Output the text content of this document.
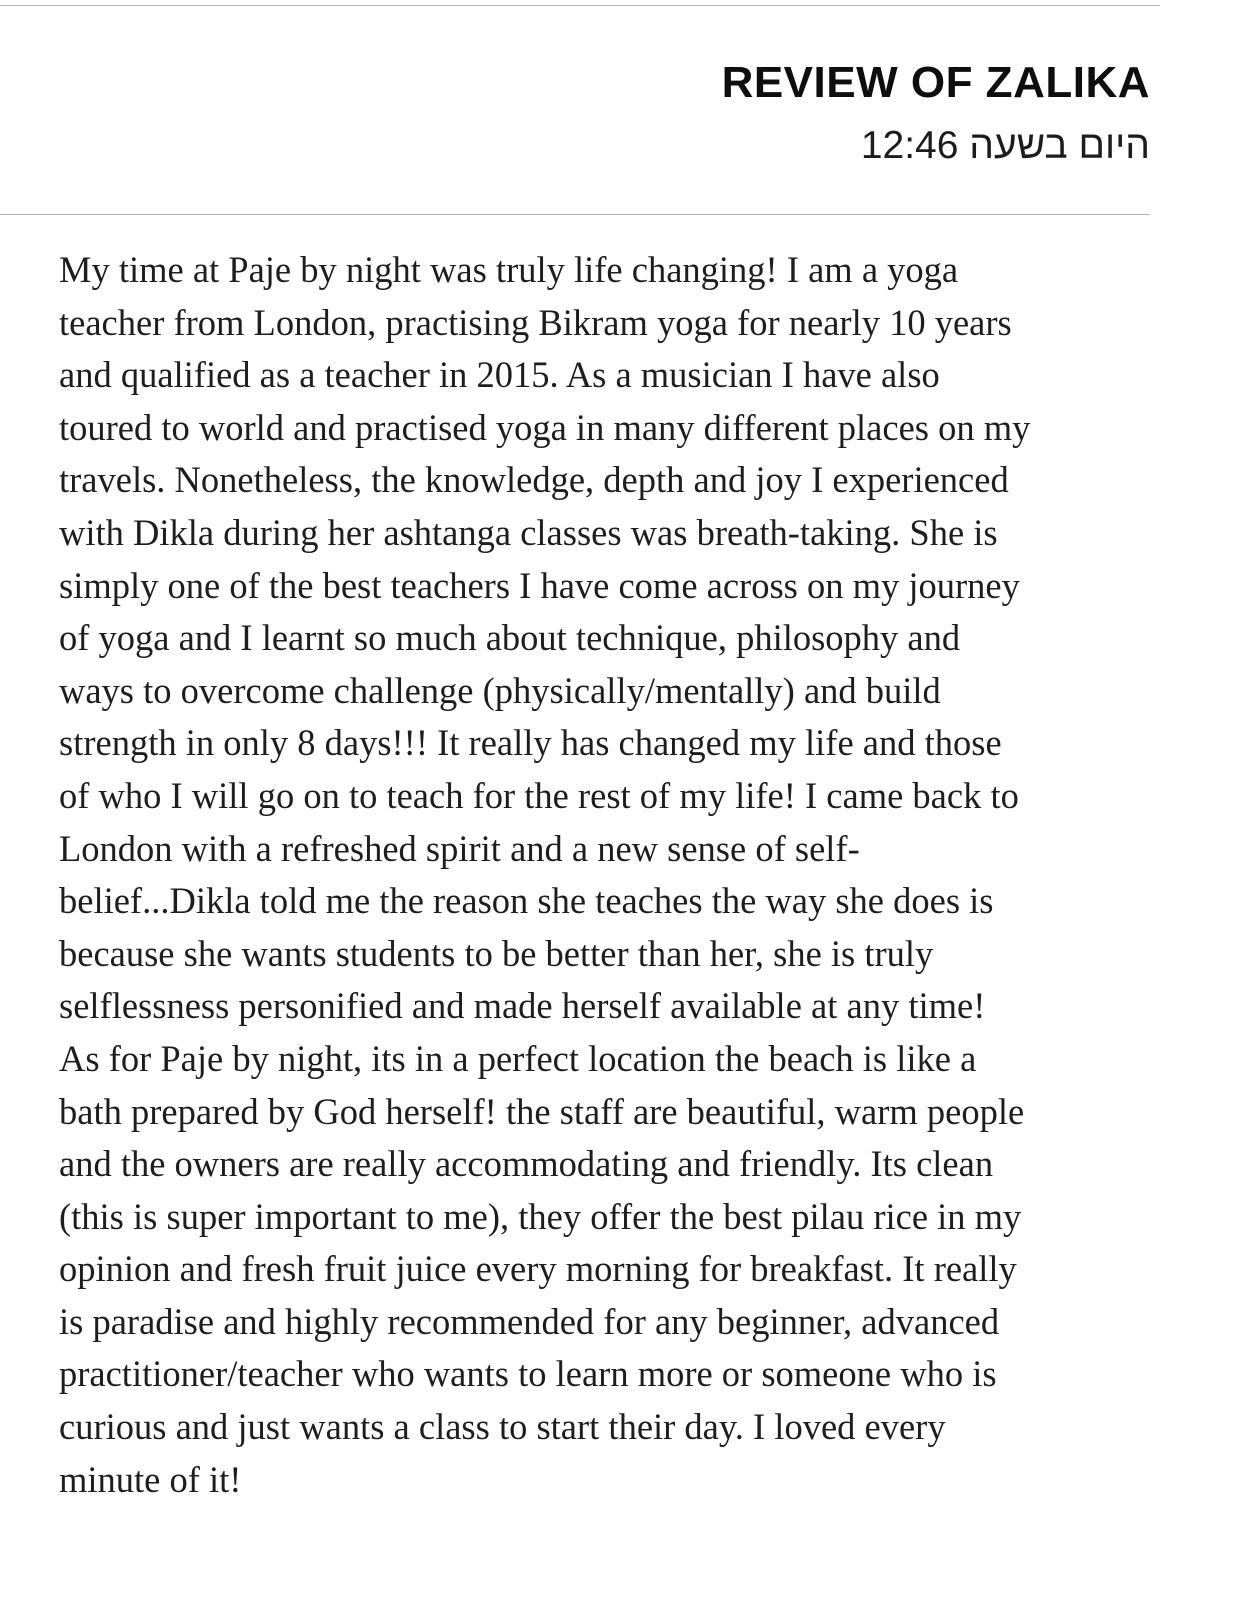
REVIEW OF ZALIKA
היום בשעה 12:46
My time at Paje by night was truly life changing! I am a yoga
teacher from London, practising Bikram yoga for nearly 10 years
and qualified as a teacher in 2015. As a musician I have also
toured to world and practised yoga in many different places on my
travels. Nonetheless, the knowledge, depth and joy I experienced
with Dikla during her ashtanga classes was breath-taking. She is
simply one of the best teachers I have come across on my journey
of yoga and I learnt so much about technique, philosophy and
ways to overcome challenge (physically/mentally) and build
strength in only 8 days!!! It really has changed my life and those
of who I will go on to teach for the rest of my life! I came back to
London with a refreshed spirit and a new sense of self-
belief...Dikla told me the reason she teaches the way she does is
because she wants students to be better than her, she is truly
selflessness personified and made herself available at any time!
As for Paje by night, its in a perfect location the beach is like a
bath prepared by God herself! the staff are beautiful, warm people
and the owners are really accommodating and friendly. Its clean
(this is super important to me), they offer the best pilau rice in my
opinion and fresh fruit juice every morning for breakfast. It really
is paradise and highly recommended for any beginner, advanced
practitioner/teacher who wants to learn more or someone who is
curious and just wants a class to start their day. I loved every
minute of it!
